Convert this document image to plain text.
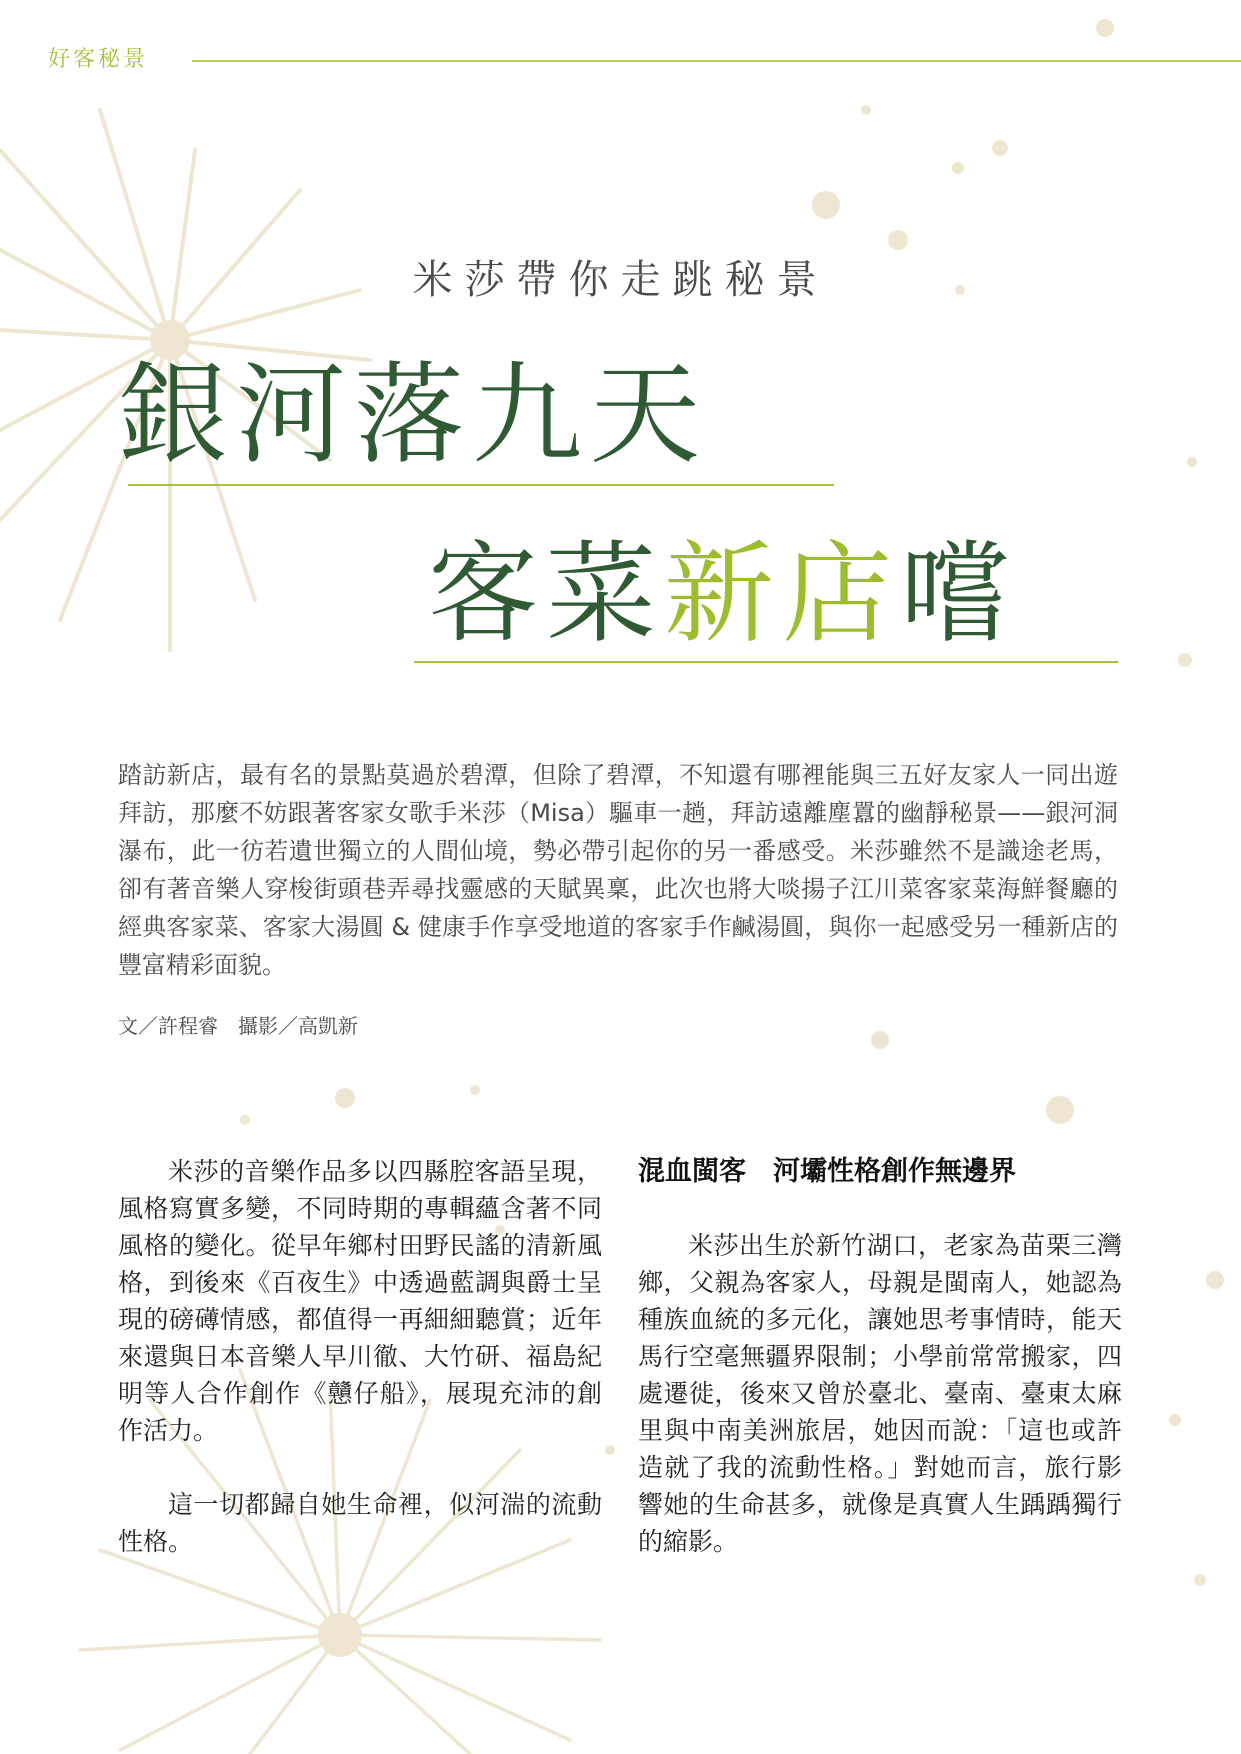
好客秘景
米莎帶你走跳秘景
銀河落九天
客菜新店嚐
踏訪新店，最有名的景點莫過於碧潭，但除了碧潭，不知還有哪裡能與三五好友家人一同出遊拜訪，那麼不妨跟著客家女歌手米莎（Misa）驅車一趟，拜訪遠離塵囂的幽靜秘景——銀河洞瀑布，此一彷若遺世獨立的人間仙境，勢必帶引起你的另一番感受。米莎雖然不是識途老馬，卻有著音樂人穿梭街頭巷弄尋找靈感的天賦異稟，此次也將大啖揚子江川菜客家菜海鮮餐廳的經典客家菜、客家大湯圓 & 健康手作享受地道的客家手作鹹湯圓，與你一起感受另一種新店的豐富精彩面貌。
文／許程睿　攝影／高凱新

米莎的音樂作品多以四縣腔客語呈現，風格寫實多變，不同時期的專輯蘊含著不同風格的變化。從早年鄉村田野民謠的清新風格，到後來《百夜生》中透過藍調與爵士呈現的磅礡情感，都值得一再細細聽賞；近年來還與日本音樂人早川徹、大竹研、福島紀明等人合作創作《戇仔船》，展現充沛的創作活力。

這一切都歸自她生命裡，似河湍的流動性格。

混血閩客　河壩性格創作無邊界

米莎出生於新竹湖口，老家為苗栗三灣鄉，父親為客家人，母親是閩南人，她認為種族血統的多元化，讓她思考事情時，能天馬行空毫無疆界限制；小學前常常搬家，四處遷徙，後來又曾於臺北、臺南、臺東太麻里與中南美洲旅居，她因而說：「這也或許造就了我的流動性格。」對她而言，旅行影響她的生命甚多，就像是真實人生踽踽獨行的縮影。
